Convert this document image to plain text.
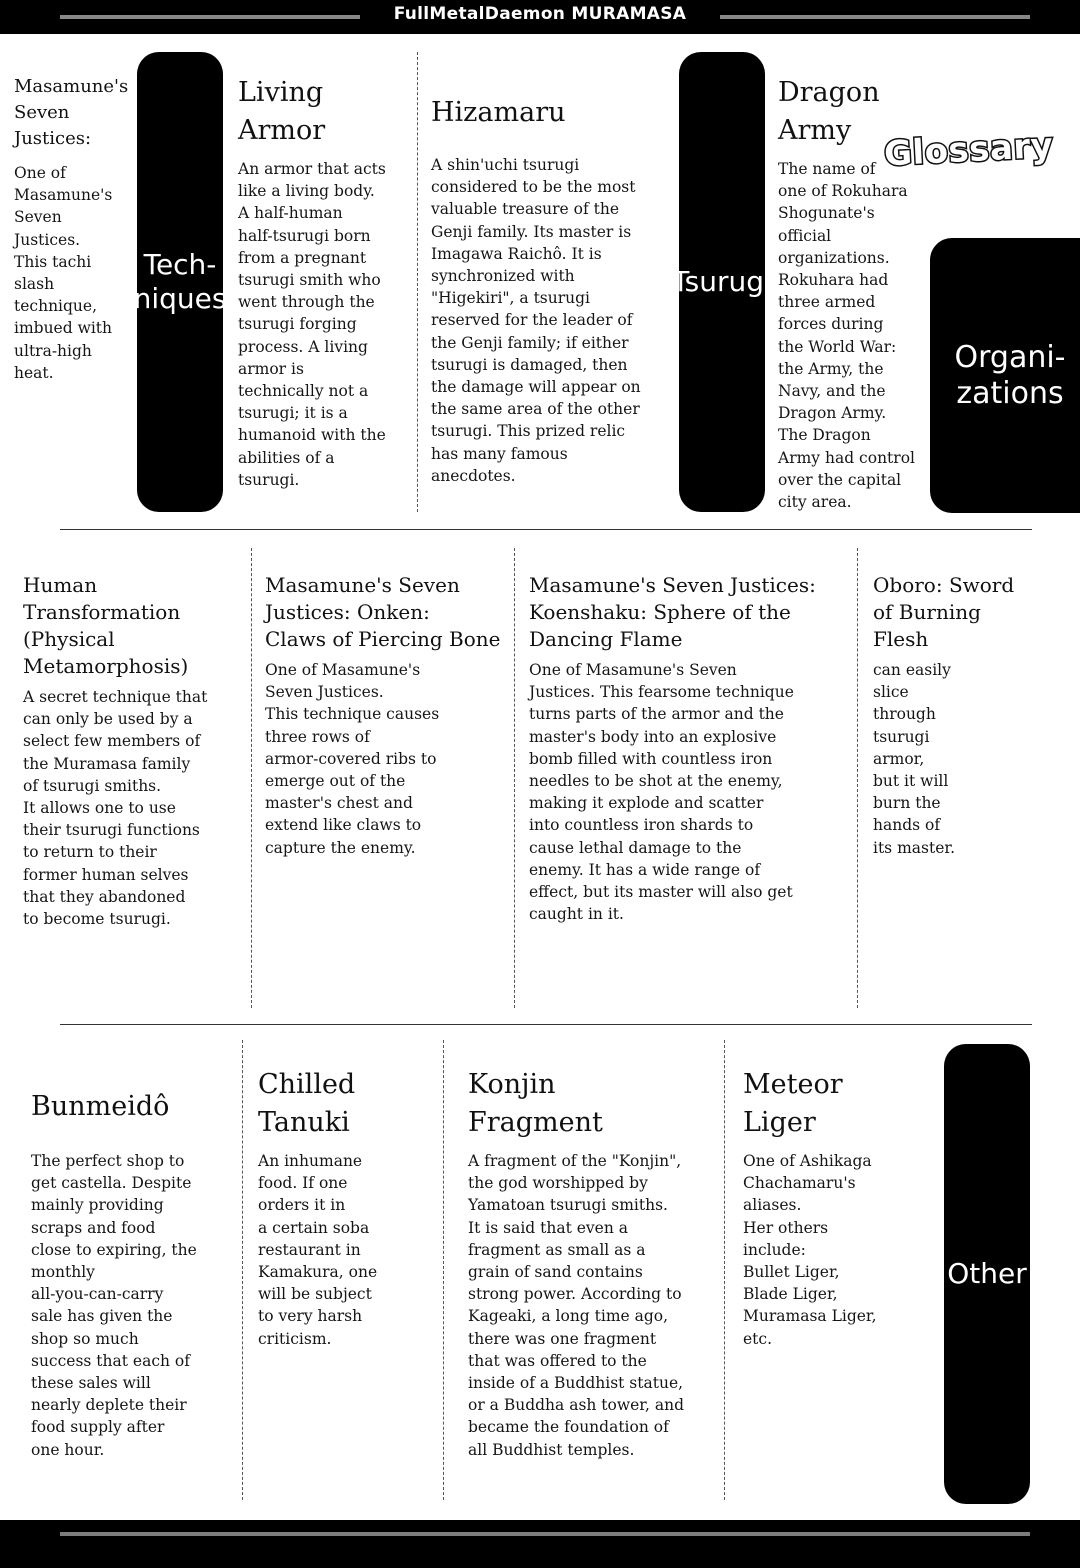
FullMetalDaemon MURAMASA
Glossary
Tech-
niques
Tsurugi
Organi-
zations
Other
Masamune's
Seven
Justices:
One of
Masamune's
Seven
Justices.
This tachi
slash
technique,
imbued with
ultra-high
heat.
Living
Armor
An armor that acts
like a living body.
A half-human
half-tsurugi born
from a pregnant
tsurugi smith who
went through the
tsurugi forging
process. A living
armor is
technically not a
tsurugi; it is a
humanoid with the
abilities of a
tsurugi.
Hizamaru
A shin'uchi tsurugi
considered to be the most
valuable treasure of the
Genji family. Its master is
Imagawa Raichô. It is
synchronized with
"Higekiri", a tsurugi
reserved for the leader of
the Genji family; if either
tsurugi is damaged, then
the damage will appear on
the same area of the other
tsurugi. This prized relic
has many famous
anecdotes.
Dragon
Army
The name of
one of Rokuhara
Shogunate's
official
organizations.
Rokuhara had
three armed
forces during
the World War:
the Army, the
Navy, and the
Dragon Army.
The Dragon
Army had control
over the capital
city area.
Human Transformation
(Physical
Metamorphosis)
A secret technique that
can only be used by a
select few members of
the Muramasa family
of tsurugi smiths.
It allows one to use
their tsurugi functions
to return to their
former human selves
that they abandoned
to become tsurugi.
Masamune's Seven
Justices: Onken:
Claws of Piercing Bone
One of Masamune's
Seven Justices.
This technique causes
three rows of
armor-covered ribs to
emerge out of the
master's chest and
extend like claws to
capture the enemy.
Masamune's Seven Justices:
Koenshaku: Sphere of the
Dancing Flame
One of Masamune's Seven
Justices. This fearsome technique
turns parts of the armor and the
master's body into an explosive
bomb filled with countless iron
needles to be shot at the enemy,
making it explode and scatter
into countless iron shards to
cause lethal damage to the
enemy. It has a wide range of
effect, but its master will also get
caught in it.
Oboro: Sword
of Burning
Flesh
can easily
slice
through
tsurugi
armor,
but it will
burn the
hands of
its master.
Bunmeidô
The perfect shop to
get castella. Despite
mainly providing
scraps and food
close to expiring, the
monthly
all-you-can-carry
sale has given the
shop so much
success that each of
these sales will
nearly deplete their
food supply after
one hour.
Chilled
Tanuki
An inhumane
food. If one
orders it in
a certain soba
restaurant in
Kamakura, one
will be subject
to very harsh
criticism.
Konjin
Fragment
A fragment of the "Konjin",
the god worshipped by
Yamatoan tsurugi smiths.
It is said that even a
fragment as small as a
grain of sand contains
strong power. According to
Kageaki, a long time ago,
there was one fragment
that was offered to the
inside of a Buddhist statue,
or a Buddha ash tower, and
became the foundation of
all Buddhist temples.
Meteor
Liger
One of Ashikaga
Chachamaru's
aliases.
Her others
include:
Bullet Liger,
Blade Liger,
Muramasa Liger,
etc.
